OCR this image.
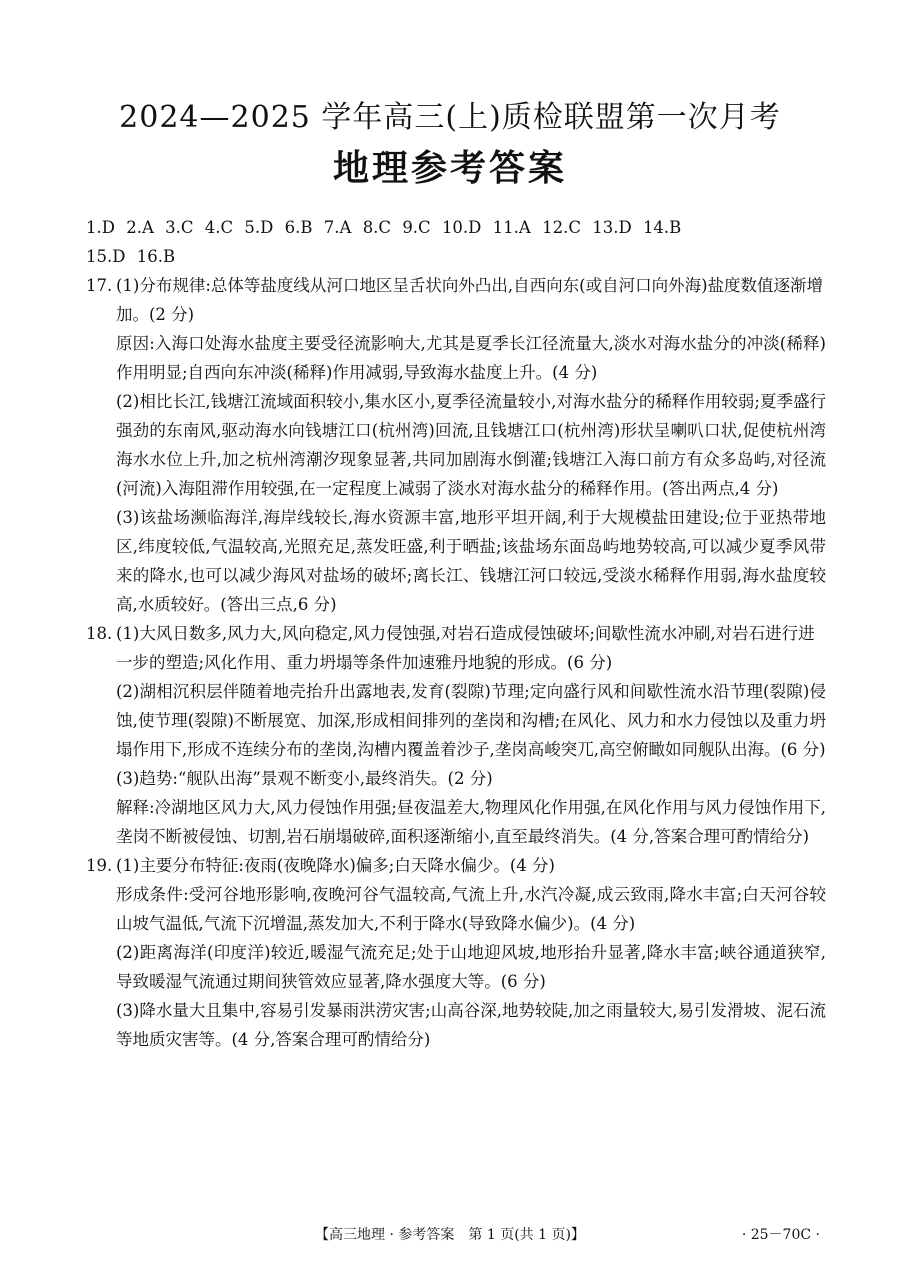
2024—2025 学年高三(上)质检联盟第一次月考
地理参考答案

1.D 2.A 3.C 4.C 5.D 6.B 7.A 8.C 9.C 10.D 11.A 12.C 13.D 14.B

15.D 16.B

17. (1)分布规律:总体等盐度线从河口地区呈舌状向外凸出,自西向东(或自河口向外海)盐度数值逐渐增加。(2 分)

原因:入海口处海水盐度主要受径流影响大,尤其是夏季长江径流量大,淡水对海水盐分的冲淡(稀释)作用明显;自西向东冲淡(稀释)作用减弱,导致海水盐度上升。(4 分)

(2)相比长江,钱塘江流域面积较小,集水区小,夏季径流量较小,对海水盐分的稀释作用较弱;夏季盛行强劲的东南风,驱动海水向钱塘江口(杭州湾)回流,且钱塘江口(杭州湾)形状呈喇叭口状,促使杭州湾海水水位上升,加之杭州湾潮汐现象显著,共同加剧海水倒灌;钱塘江入海口前方有众多岛屿,对径流(河流)入海阻滞作用较强,在一定程度上减弱了淡水对海水盐分的稀释作用。(答出两点,4 分)

(3)该盐场濒临海洋,海岸线较长,海水资源丰富,地形平坦开阔,利于大规模盐田建设;位于亚热带地区,纬度较低,气温较高,光照充足,蒸发旺盛,利于晒盐;该盐场东面岛屿地势较高,可以减少夏季风带来的降水,也可以减少海风对盐场的破坏;离长江、钱塘江河口较远,受淡水稀释作用弱,海水盐度较高,水质较好。(答出三点,6 分)

18. (1)大风日数多,风力大,风向稳定,风力侵蚀强,对岩石造成侵蚀破坏;间歇性流水冲刷,对岩石进行进一步的塑造;风化作用、重力坍塌等条件加速雅丹地貌的形成。(6 分)

(2)湖相沉积层伴随着地壳抬升出露地表,发育(裂隙)节理;定向盛行风和间歇性流水沿节理(裂隙)侵蚀,使节理(裂隙)不断展宽、加深,形成相间排列的垄岗和沟槽;在风化、风力和水力侵蚀以及重力坍塌作用下,形成不连续分布的垄岗,沟槽内覆盖着沙子,垄岗高峻突兀,高空俯瞰如同舰队出海。(6 分)

(3)趋势:“舰队出海”景观不断变小,最终消失。(2 分)

解释:冷湖地区风力大,风力侵蚀作用强;昼夜温差大,物理风化作用强,在风化作用与风力侵蚀作用下,垄岗不断被侵蚀、切割,岩石崩塌破碎,面积逐渐缩小,直至最终消失。(4 分,答案合理可酌情给分)

19. (1)主要分布特征:夜雨(夜晚降水)偏多;白天降水偏少。(4 分)

形成条件:受河谷地形影响,夜晚河谷气温较高,气流上升,水汽冷凝,成云致雨,降水丰富;白天河谷较山坡气温低,气流下沉增温,蒸发加大,不利于降水(导致降水偏少)。(4 分)

(2)距离海洋(印度洋)较近,暖湿气流充足;处于山地迎风坡,地形抬升显著,降水丰富;峡谷通道狭窄,导致暖湿气流通过期间狭管效应显著,降水强度大等。(6 分)

(3)降水量大且集中,容易引发暴雨洪涝灾害;山高谷深,地势较陡,加之雨量较大,易引发滑坡、泥石流等地质灾害等。(4 分,答案合理可酌情给分)

【高三地理 · 参考答案　第 1 页(共 1 页)】	· 25－70C ·
